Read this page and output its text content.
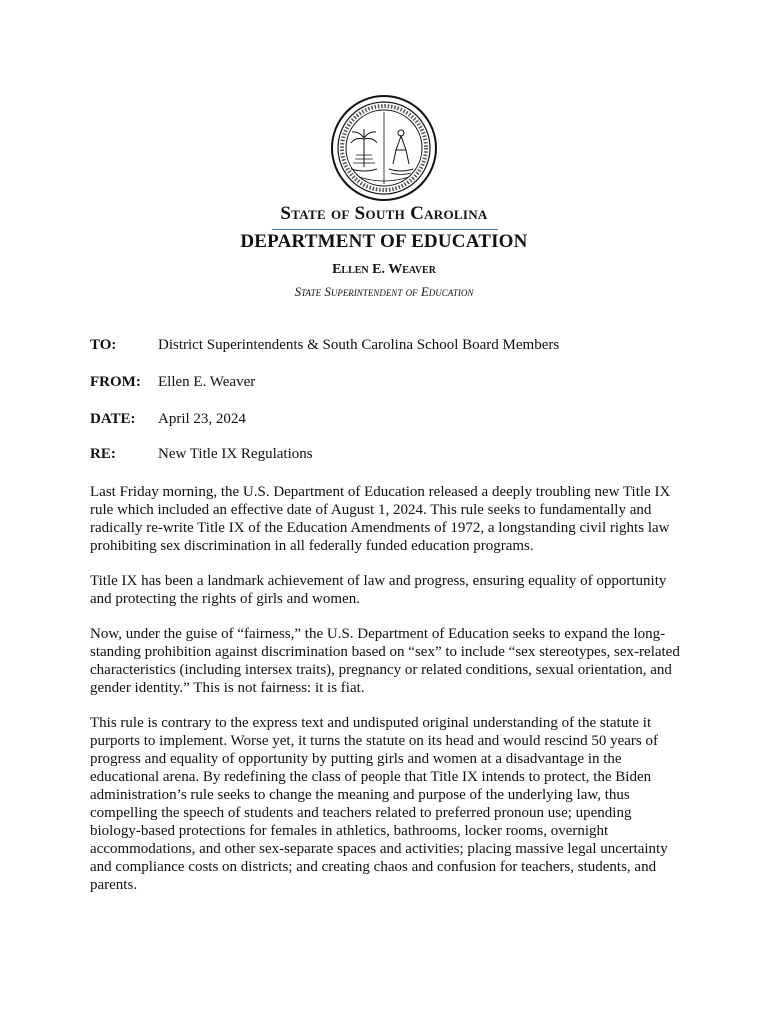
State of South Carolina
DEPARTMENT OF EDUCATION
Ellen E. Weaver
State Superintendent of Education
TO:	District Superintendents & South Carolina School Board Members
FROM: Ellen E. Weaver
DATE: April 23, 2024
RE:	New Title IX Regulations

Last Friday morning, the U.S. Department of Education released a deeply troubling new Title IX rule which included an effective date of August 1, 2024. This rule seeks to fundamentally and radically re-write Title IX of the Education Amendments of 1972, a longstanding civil rights law prohibiting sex discrimination in all federally funded education programs.

Title IX has been a landmark achievement of law and progress, ensuring equality of opportunity and protecting the rights of girls and women.

Now, under the guise of “fairness,” the U.S. Department of Education seeks to expand the long-standing prohibition against discrimination based on “sex” to include “sex stereotypes, sex-related characteristics (including intersex traits), pregnancy or related conditions, sexual orientation, and gender identity.” This is not fairness: it is fiat.

This rule is contrary to the express text and undisputed original understanding of the statute it purports to implement. Worse yet, it turns the statute on its head and would rescind 50 years of progress and equality of opportunity by putting girls and women at a disadvantage in the educational arena. By redefining the class of people that Title IX intends to protect, the Biden administration’s rule seeks to change the meaning and purpose of the underlying law, thus compelling the speech of students and teachers related to preferred pronoun use; upending biology-based protections for females in athletics, bathrooms, locker rooms, overnight accommodations, and other sex-separate spaces and activities; placing massive legal uncertainty and compliance costs on districts; and creating chaos and confusion for teachers, students, and parents.
